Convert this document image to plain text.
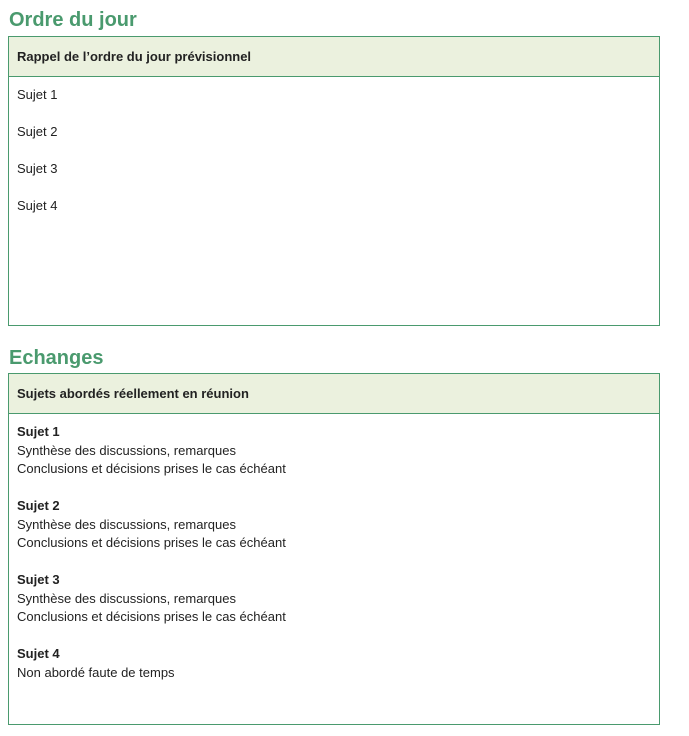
Ordre du jour
Rappel de l’ordre du jour prévisionnel
Sujet 1
Sujet 2
Sujet 3
Sujet 4
Echanges
Sujets abordés réellement en réunion
Sujet 1
Synthèse des discussions, remarques
Conclusions et décisions prises le cas échéant
Sujet 2
Synthèse des discussions, remarques
Conclusions et décisions prises le cas échéant
Sujet 3
Synthèse des discussions, remarques
Conclusions et décisions prises le cas échéant
Sujet 4
Non abordé faute de temps
